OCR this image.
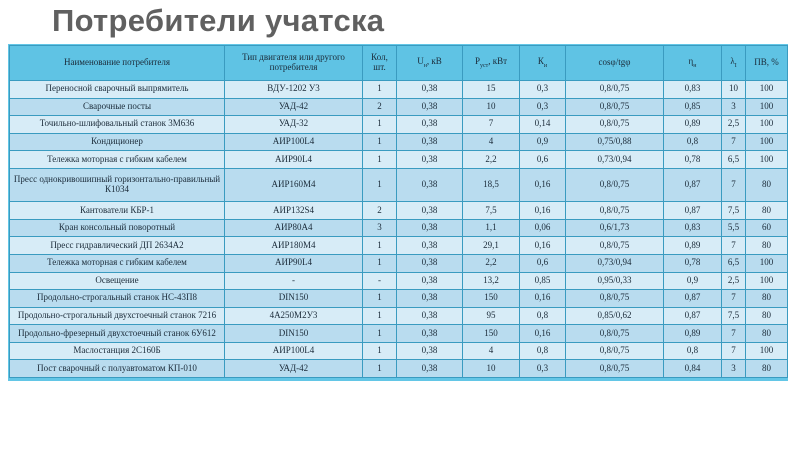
Потребители учатска
Наименование потребителя	Тип двигателя или другого потребителя	Кол, шт.	$U_н$, кВ	$P_{уст}$, кВт	$К_и$	cosφ/tgφ	$\eta_н$	$\lambda_I$	ПВ, %
Переносной сварочный выпрямитель	ВДУ-1202 У3	1	0,38	15	0,3	0,8/0,75	0,83	10	100
Сварочные посты	УАД-42	2	0,38	10	0,3	0,8/0,75	0,85	3	100
Точильно-шлифовальный станок 3М636	УАД-32	1	0,38	7	0,14	0,8/0,75	0,89	2,5	100
Кондиционер	АИР100L4	1	0,38	4	0,9	0,75/0,88	0,8	7	100
Тележка моторная с гибким кабелем	АИР90L4	1	0,38	2,2	0,6	0,73/0,94	0,78	6,5	100
Пресс однокривошипный горизонтально-правильный К1034	АИР160М4	1	0,38	18,5	0,16	0,8/0,75	0,87	7	80
Кантователи КБР-1	АИР132S4	2	0,38	7,5	0,16	0,8/0,75	0,87	7,5	80
Кран консольный поворотный	АИР80А4	3	0,38	1,1	0,06	0,6/1,73	0,83	5,5	60
Пресс гидравлический ДП 2634А2	АИР180М4	1	0,38	29,1	0,16	0,8/0,75	0,89	7	80
Тележка моторная с гибким кабелем	АИР90L4	1	0,38	2,2	0,6	0,73/0,94	0,78	6,5	100
Освещение	-	-	0,38	13,2	0,85	0,95/0,33	0,9	2,5	100
Продольно-строгальный станок НС-43П8	DIN150	1	0,38	150	0,16	0,8/0,75	0,87	7	80
Продольно-строгальный двухстоечный станок 7216	4А250М2У3	1	0,38	95	0,8	0,85/0,62	0,87	7,5	80
Продольно-фрезерный двухстоечный станок 6У612	DIN150	1	0,38	150	0,16	0,8/0,75	0,89	7	80
Маслостанция 2С160Б	АИР100L4	1	0,38	4	0,8	0,8/0,75	0,8	7	100
Пост сварочный с полуавтоматом КП-010	УАД-42	1	0,38	10	0,3	0,8/0,75	0,84	3	80
